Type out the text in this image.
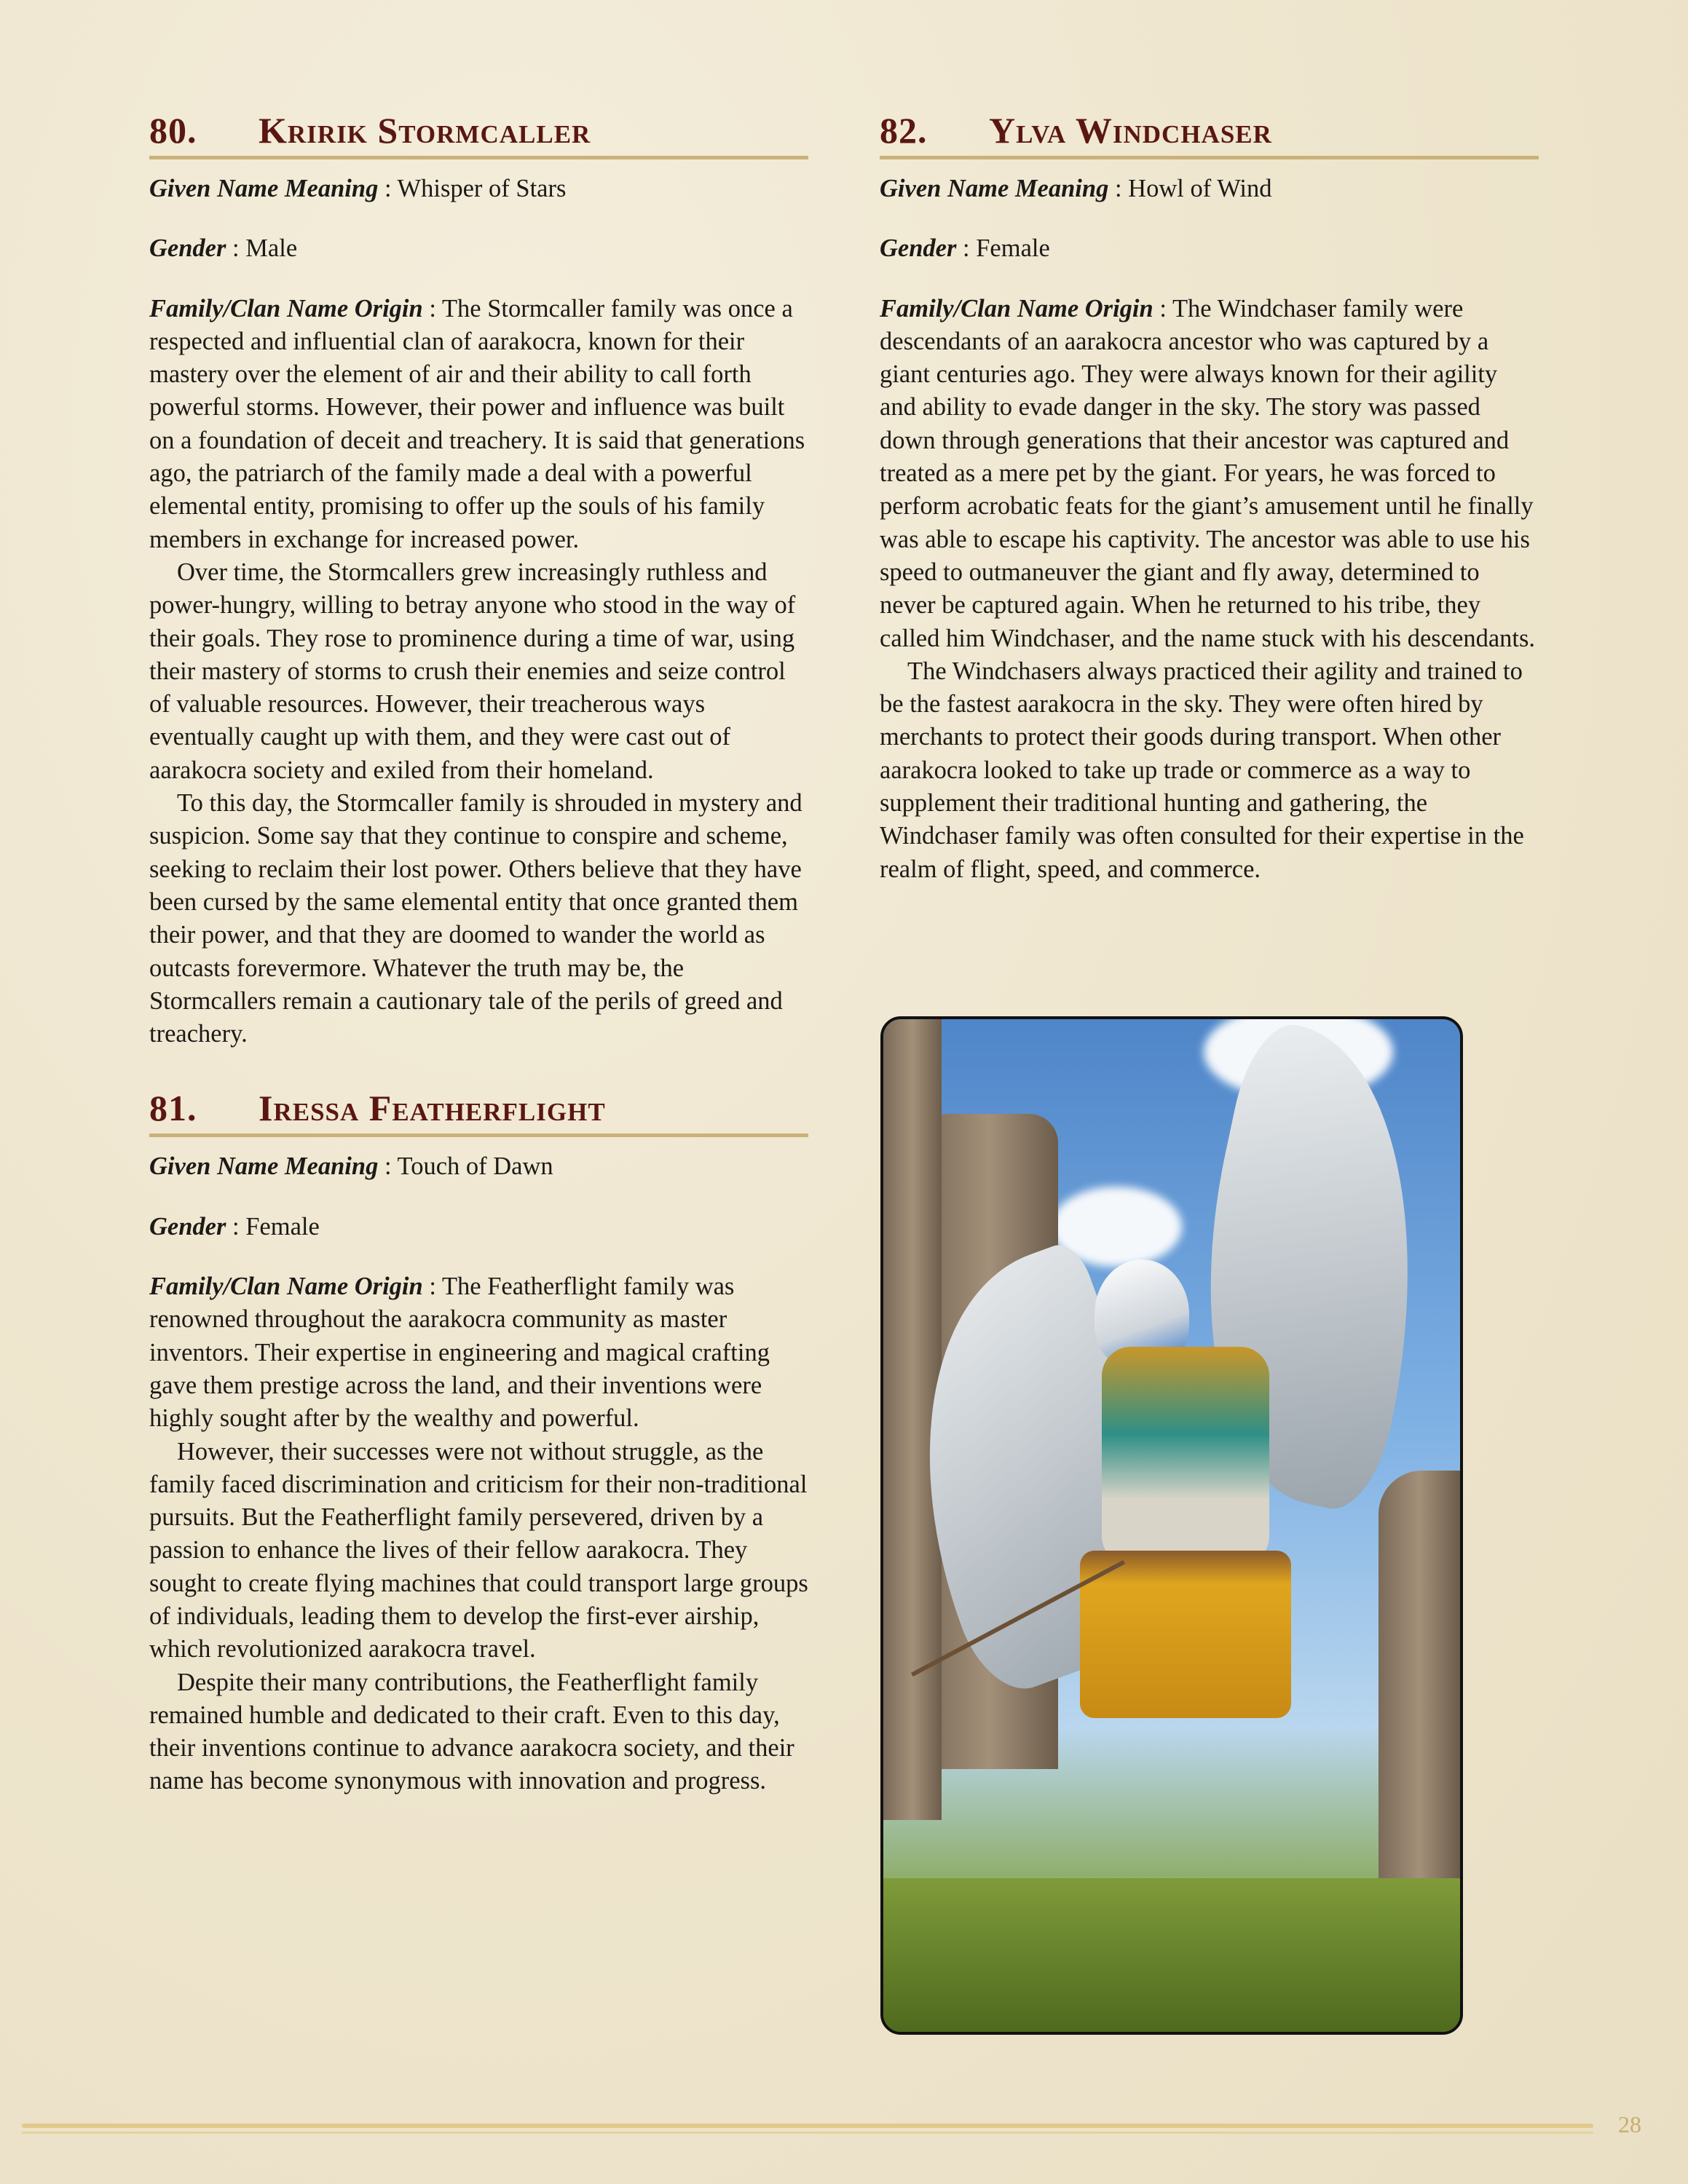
80.	Kririk Stormcaller
Given Name Meaning : Whisper of Stars
Gender : Male

Family/Clan Name Origin : The Stormcaller family was once a respected and influential clan of aarakocra, known for their mastery over the element of air and their ability to call forth powerful storms. However, their power and influence was built on a foundation of deceit and treachery. It is said that generations ago, the patriarch of the family made a deal with a powerful elemental entity, promising to offer up the souls of his family members in exchange for increased power.

Over time, the Stormcallers grew increasingly ruthless and power-hungry, willing to betray anyone who stood in the way of their goals. They rose to prominence during a time of war, using their mastery of storms to crush their enemies and seize control of valuable resources. However, their treacherous ways eventually caught up with them, and they were cast out of aarakocra society and exiled from their homeland.

To this day, the Stormcaller family is shrouded in mystery and suspicion. Some say that they continue to conspire and scheme, seeking to reclaim their lost power. Others believe that they have been cursed by the same elemental entity that once granted them their power, and that they are doomed to wander the world as outcasts forevermore. Whatever the truth may be, the Stormcallers remain a cautionary tale of the perils of greed and treachery.

81.	Iressa Featherflight
Given Name Meaning : Touch of Dawn
Gender : Female

Family/Clan Name Origin : The Featherflight family was renowned throughout the aarakocra community as master inventors. Their expertise in engineering and magical crafting gave them prestige across the land, and their inventions were highly sought after by the wealthy and powerful.

However, their successes were not without struggle, as the family faced discrimination and criticism for their non-traditional pursuits. But the Featherflight family persevered, driven by a passion to enhance the lives of their fellow aarakocra. They sought to create flying machines that could transport large groups of individuals, leading them to develop the first-ever airship, which revolutionized aarakocra travel.

Despite their many contributions, the Featherflight family remained humble and dedicated to their craft. Even to this day, their inventions continue to advance aarakocra society, and their name has become synonymous with innovation and progress.

82.	Ylva Windchaser
Given Name Meaning : Howl of Wind
Gender : Female

Family/Clan Name Origin : The Windchaser family were descendants of an aarakocra ancestor who was captured by a giant centuries ago. They were always known for their agility and ability to evade danger in the sky. The story was passed down through generations that their ancestor was captured and treated as a mere pet by the giant. For years, he was forced to perform acrobatic feats for the giant’s amusement until he finally was able to escape his captivity. The ancestor was able to use his speed to outmaneuver the giant and fly away, determined to never be captured again. When he returned to his tribe, they called him Windchaser, and the name stuck with his descendants.

The Windchasers always practiced their agility and trained to be the fastest aarakocra in the sky. They were often hired by merchants to protect their goods during transport. When other aarakocra looked to take up trade or commerce as a way to supplement their traditional hunting and gathering, the Windchaser family was often consulted for their expertise in the realm of flight, speed, and commerce.

28
